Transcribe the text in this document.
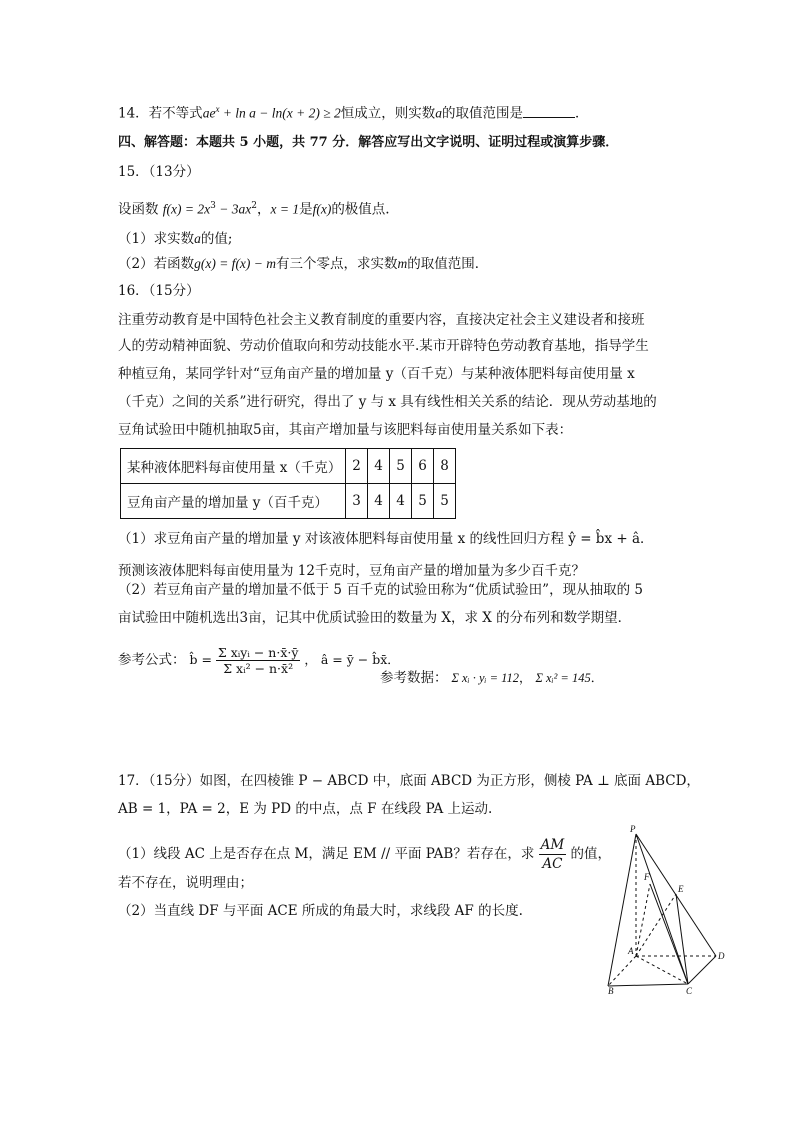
14．若不等式$ae^x + \ln a - \ln(x + 2) \ge 2$恒成立，则实数a的取值范围是	．
四、解答题：本题共 5 小题，共 77 分．解答应写出文字说明、证明过程或演算步骤．
15．（13分）
设函数 $f(x) = 2x^3 - 3ax^2$，x = 1是f(x)的极值点.
（1）求实数a的值;
（2）若函数g(x) = f(x) − m有三个零点，求实数m的取值范围．
16．（15分）
注重劳动教育是中国特色社会主义教育制度的重要内容，直接决定社会主义建设者和接班
人的劳动精神面貌、劳动价值取向和劳动技能水平.某市开辟特色劳动教育基地，指导学生
种植豆角，某同学针对“豆角亩产量的增加量 y（百千克）与某种液体肥料每亩使用量 x
（千克）之间的关系”进行研究，得出了 y 与 x 具有线性相关关系的结论．现从劳动基地的
豆角试验田中随机抽取5亩，其亩产增加量与该肥料每亩使用量关系如下表：
某种液体肥料每亩使用量 x（千克）	2	4	5	6	8
豆角亩产量的增加量 y（百千克）	3	4	4	5	5
（1）求豆角亩产量的增加量 y 对该液体肥料每亩使用量 x 的线性回归方程 ŷ = b̂x + â．
预测该液体肥料每亩使用量为 12千克时，豆角亩产量的增加量为多少百千克？
（2）若豆角亩产量的增加量不低于 5 百千克的试验田称为“优质试验田”，现从抽取的 5
亩试验田中随机选出3亩，记其中优质试验田的数量为 X，求 X 的分布列和数学期望．
参考公式： b̂ = $\frac{\text{Σ xᵢyᵢ − n·x̄·ȳ}}{\text{Σ xᵢ² − n·x̄²}}$ ， â = ȳ − b̂x̄．
参考数据： Σ xᵢ · yᵢ = 112， Σ xᵢ² = 145．
17．（15分）如图，在四棱锥 P − ABCD 中，底面 ABCD 为正方形，侧棱 PA ⊥ 底面 ABCD，
AB = 1，PA = 2，E 为 PD 的中点，点 F 在线段 PA 上运动.
（1）线段 AC 上是否存在点 M，满足 EM // 平面 PAB？若存在，求 $\frac{AM}{AC}$ 的值，
若不存在，说明理由；
（2）当直线 DF 与平面 ACE 所成的角最大时，求线段 AF 的长度.
P
F
E
A	D
B	C
